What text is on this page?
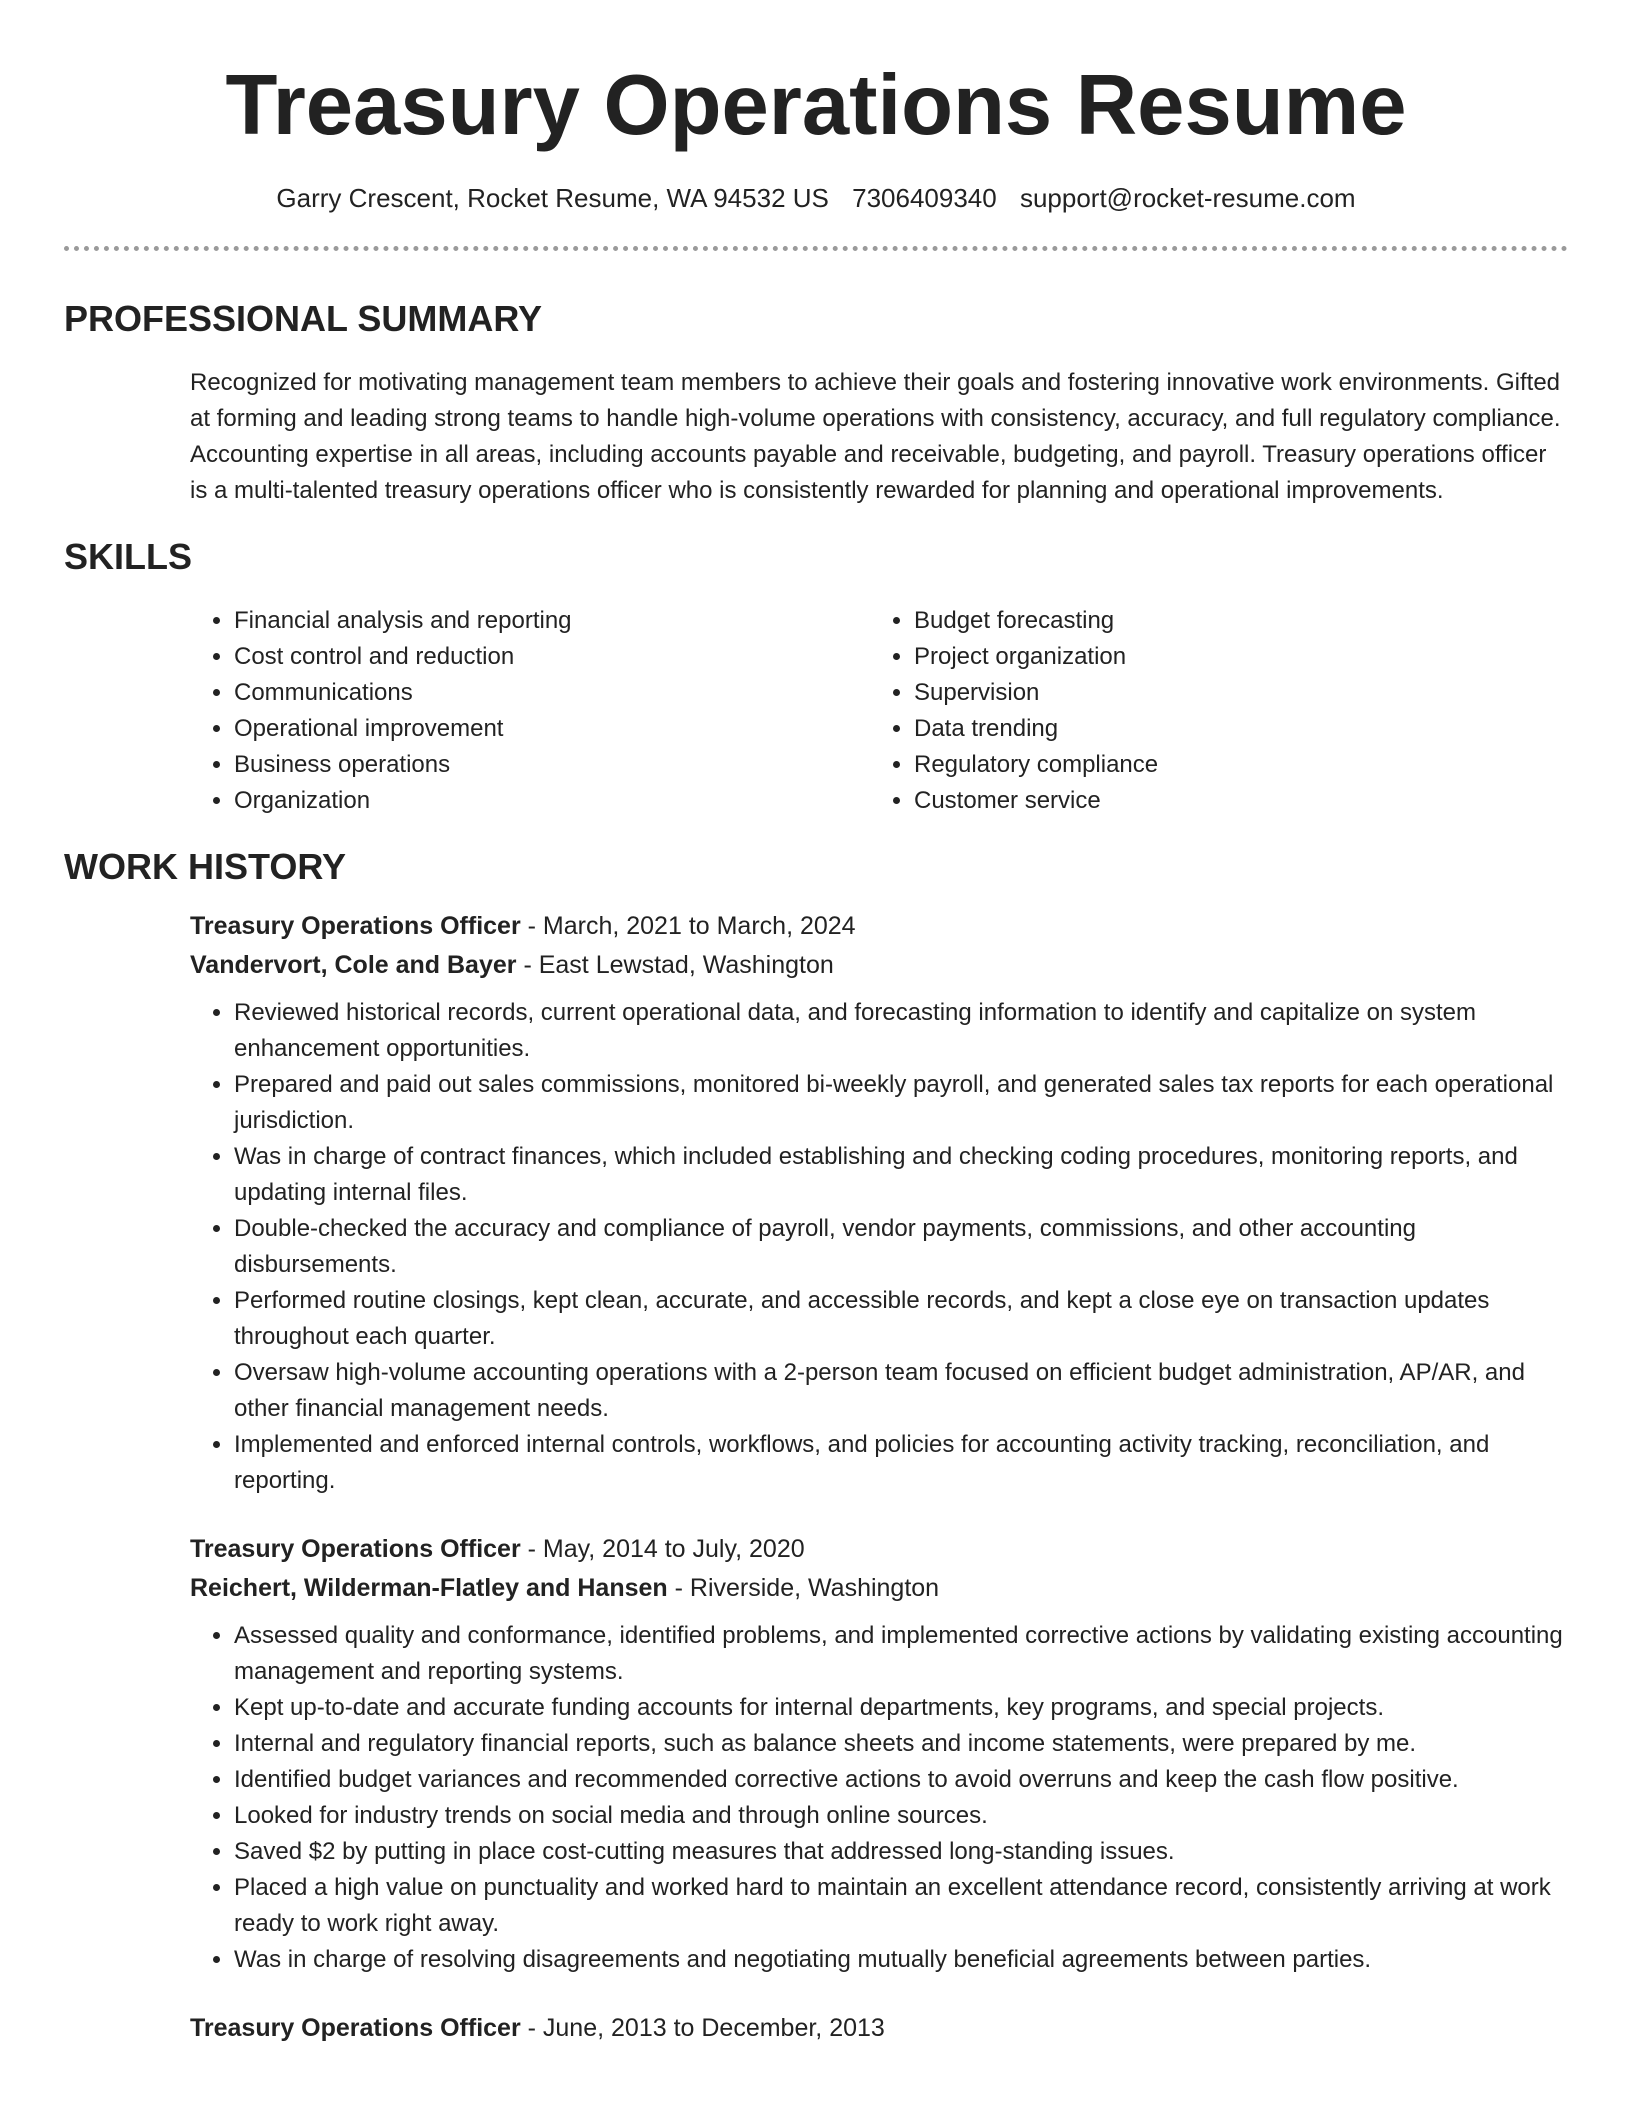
Treasury Operations Resume
Garry Crescent, Rocket Resume, WA 94532 US 7306409340 support@rocket-resume.com
PROFESSIONAL SUMMARY

Recognized for motivating management team members to achieve their goals and fostering innovative work environments. Gifted at forming and leading strong teams to handle high-volume operations with consistency, accuracy, and full regulatory compliance. Accounting expertise in all areas, including accounts payable and receivable, budgeting, and payroll. Treasury operations officer is a multi-talented treasury operations officer who is consistently rewarded for planning and operational improvements.

SKILLS
• Financial analysis and reporting
• Cost control and reduction
• Communications
• Operational improvement
• Business operations
• Organization
• Budget forecasting
• Project organization
• Supervision
• Data trending
• Regulatory compliance
• Customer service
WORK HISTORY
Treasury Operations Officer - March, 2021 to March, 2024
Vandervort, Cole and Bayer - East Lewstad, Washington
• Reviewed historical records, current operational data, and forecasting information to identify and capitalize on system enhancement opportunities.
• Prepared and paid out sales commissions, monitored bi-weekly payroll, and generated sales tax reports for each operational jurisdiction.
• Was in charge of contract finances, which included establishing and checking coding procedures, monitoring reports, and updating internal files.
• Double-checked the accuracy and compliance of payroll, vendor payments, commissions, and other accounting disbursements.
• Performed routine closings, kept clean, accurate, and accessible records, and kept a close eye on transaction updates throughout each quarter.
• Oversaw high-volume accounting operations with a 2-person team focused on efficient budget administration, AP/AR, and other financial management needs.
• Implemented and enforced internal controls, workflows, and policies for accounting activity tracking, reconciliation, and reporting.
Treasury Operations Officer - May, 2014 to July, 2020
Reichert, Wilderman-Flatley and Hansen - Riverside, Washington
• Assessed quality and conformance, identified problems, and implemented corrective actions by validating existing accounting management and reporting systems.
• Kept up-to-date and accurate funding accounts for internal departments, key programs, and special projects.
• Internal and regulatory financial reports, such as balance sheets and income statements, were prepared by me.
• Identified budget variances and recommended corrective actions to avoid overruns and keep the cash flow positive.
• Looked for industry trends on social media and through online sources.
• Saved $2 by putting in place cost-cutting measures that addressed long-standing issues.
• Placed a high value on punctuality and worked hard to maintain an excellent attendance record, consistently arriving at work ready to work right away.
• Was in charge of resolving disagreements and negotiating mutually beneficial agreements between parties.
Treasury Operations Officer - June, 2013 to December, 2013
